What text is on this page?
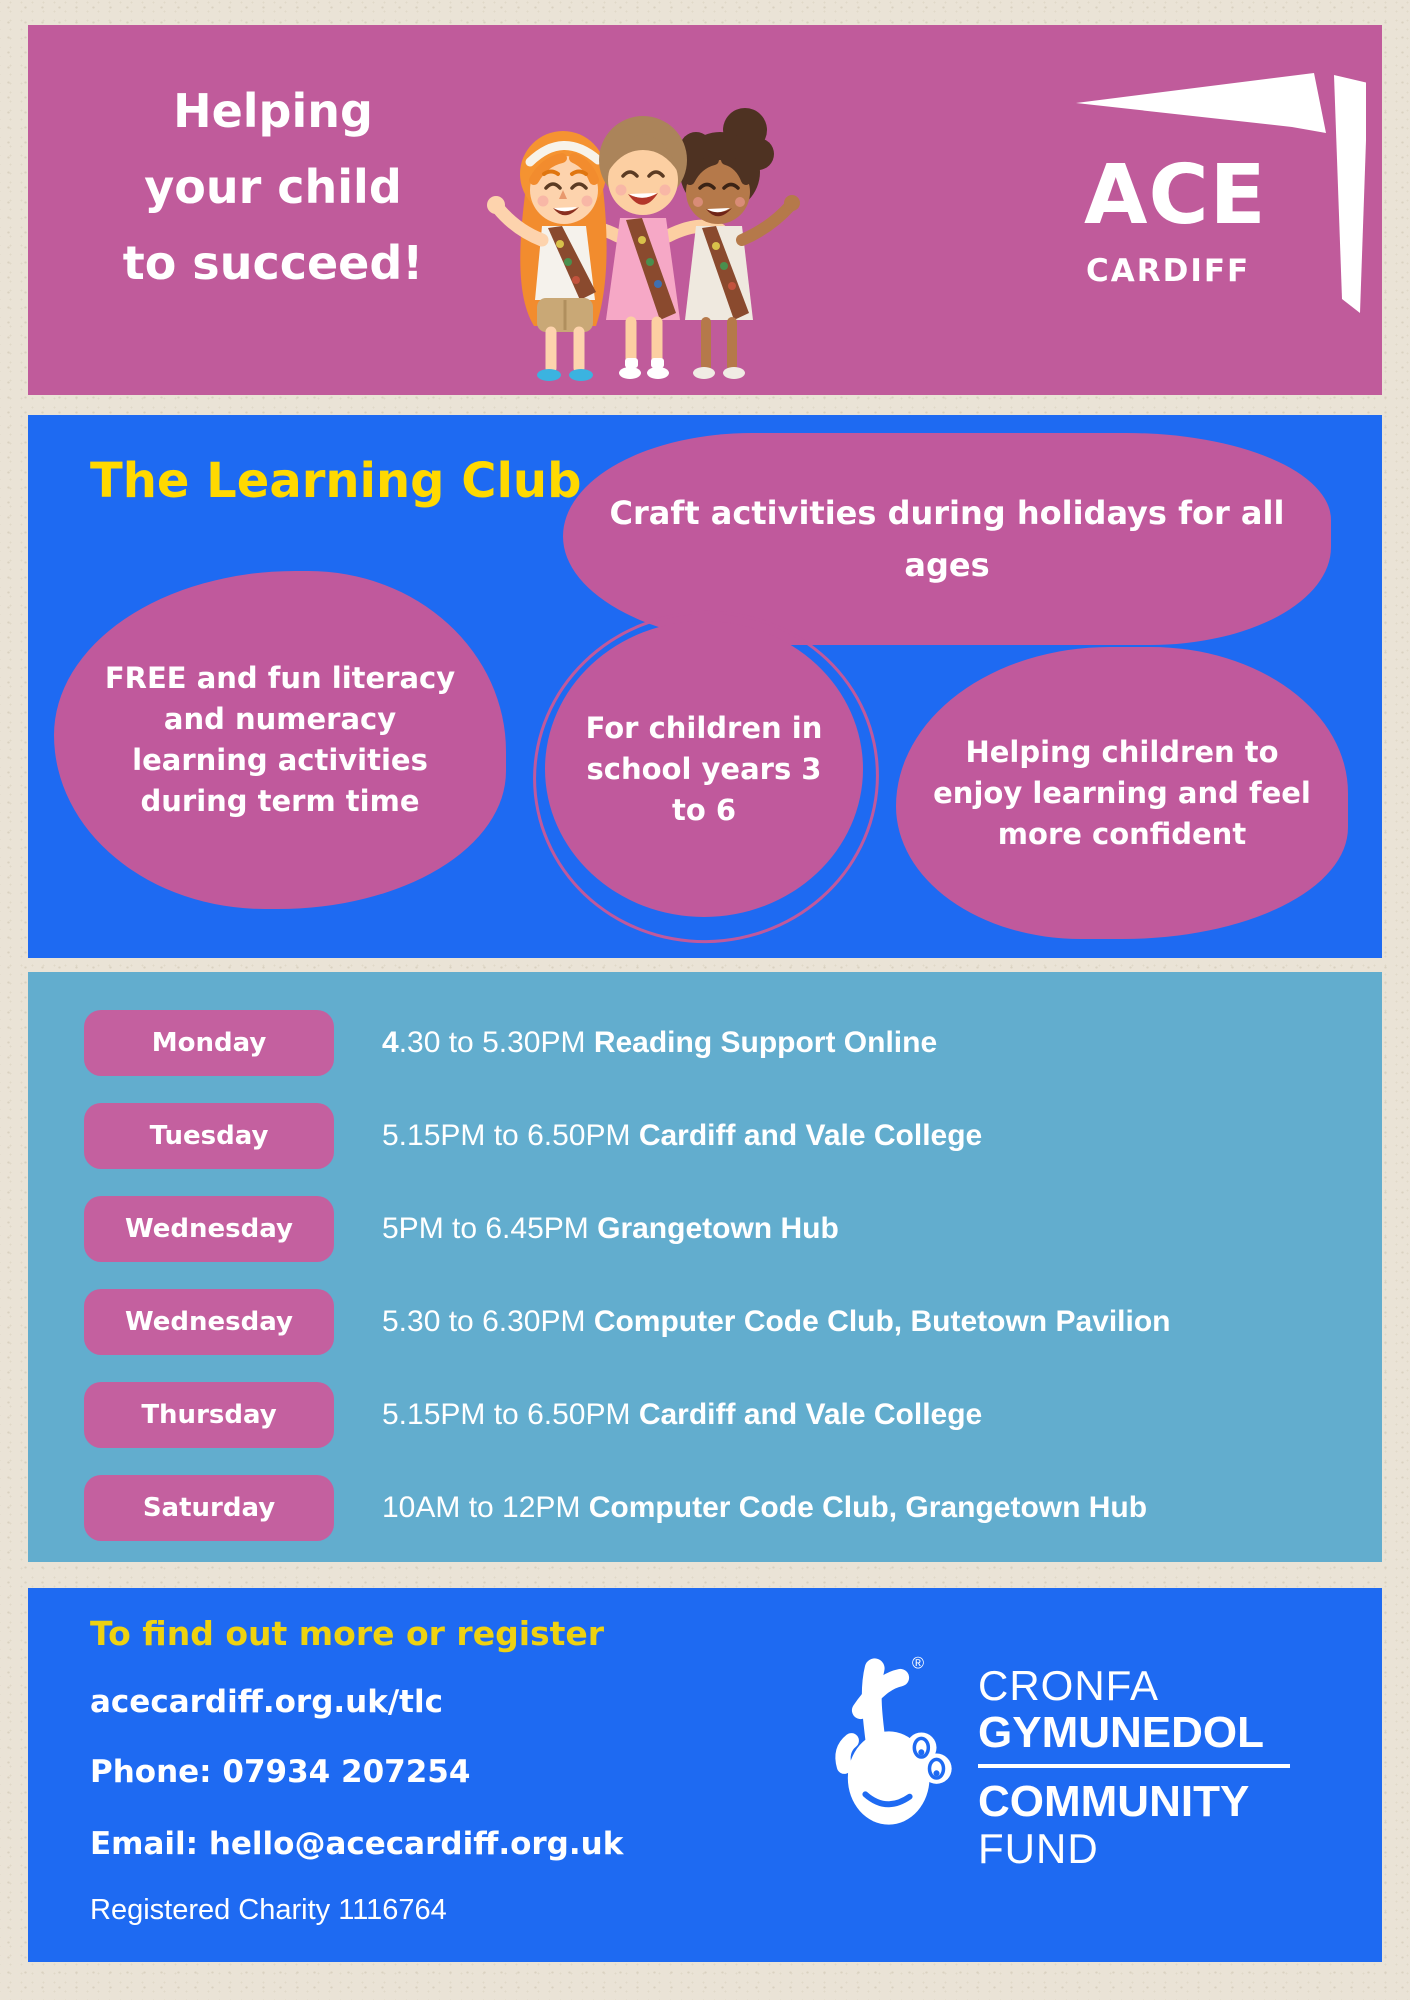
Helping
your child
to succeed!
ACE
CARDIFF
The Learning Club
Craft activities during holidays for all ages
FREE and fun literacy and numeracy learning activities during term time
For children in school years 3 to 6
Helping children to enjoy learning and feel more confident
Monday	4.30 to 5.30PM Reading Support Online
Tuesday	5.15PM to 6.50PM Cardiff and Vale College
Wednesday	5PM to 6.45PM Grangetown Hub
Wednesday	5.30 to 6.30PM Computer Code Club, Butetown Pavilion
Thursday	5.15PM to 6.50PM Cardiff and Vale College
Saturday	10AM to 12PM Computer Code Club, Grangetown Hub
To find out more or register
acecardiff.org.uk/tlc
Phone: 07934 207254
Email: hello@acecardiff.org.uk
Registered Charity 1116764
® CRONFA
GYMUNEDOL
COMMUNITY
FUND
